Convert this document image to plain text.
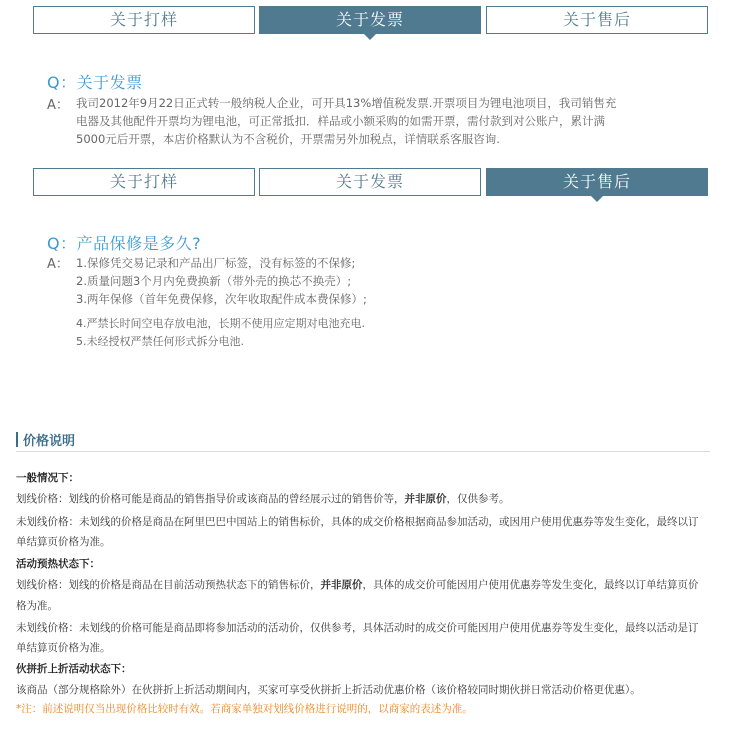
关于打样	关于发票	关于售后
Q：关于发票
A： 我司2012年9月22日正式转一般纳税人企业，可开具13%增值税发票.开票项目为锂电池项目，我司销售充
电器及其他配件开票均为锂电池，可正常抵扣．样品或小额采购的如需开票，需付款到对公账户，累计满
5000元后开票，本店价格默认为不含税价，开票需另外加税点，详情联系客服咨询.
关于打样	关于发票	关于售后
Q：产品保修是多久?
A： 1.保修凭交易记录和产品出厂标签，没有标签的不保修;
2.质量问题3个月内免费换新（带外壳的换芯不换壳）;
3.两年保修（首年免费保修，次年收取配件成本费保修）;
4.严禁长时间空电存放电池，长期不使用应定期对电池充电.
5.未经授权严禁任何形式拆分电池.
价格说明
一般情况下：
划线价格：划线的价格可能是商品的销售指导价或该商品的曾经展示过的销售价等，并非原价，仅供参考。
未划线价格：未划线的价格是商品在阿里巴巴中国站上的销售标价，具体的成交价格根据商品参加活动，或因用户使用优惠券等发生变化，最终以订
单结算页价格为准。
活动预热状态下：
划线价格：划线的价格是商品在目前活动预热状态下的销售标价，并非原价，具体的成交价可能因用户使用优惠券等发生变化，最终以订单结算页价
格为准。
未划线价格：未划线的价格可能是商品即将参加活动的活动价，仅供参考，具体活动时的成交价可能因用户使用优惠券等发生变化，最终以活动是订
单结算页价格为准。
伙拼折上折活动状态下：
该商品（部分规格除外）在伙拼折上折活动期间内，买家可享受伙拼折上折活动优惠价格（该价格较同时期伙拼日常活动价格更优惠）。
*注：前述说明仅当出现价格比较时有效。若商家单独对划线价格进行说明的，以商家的表述为准。
